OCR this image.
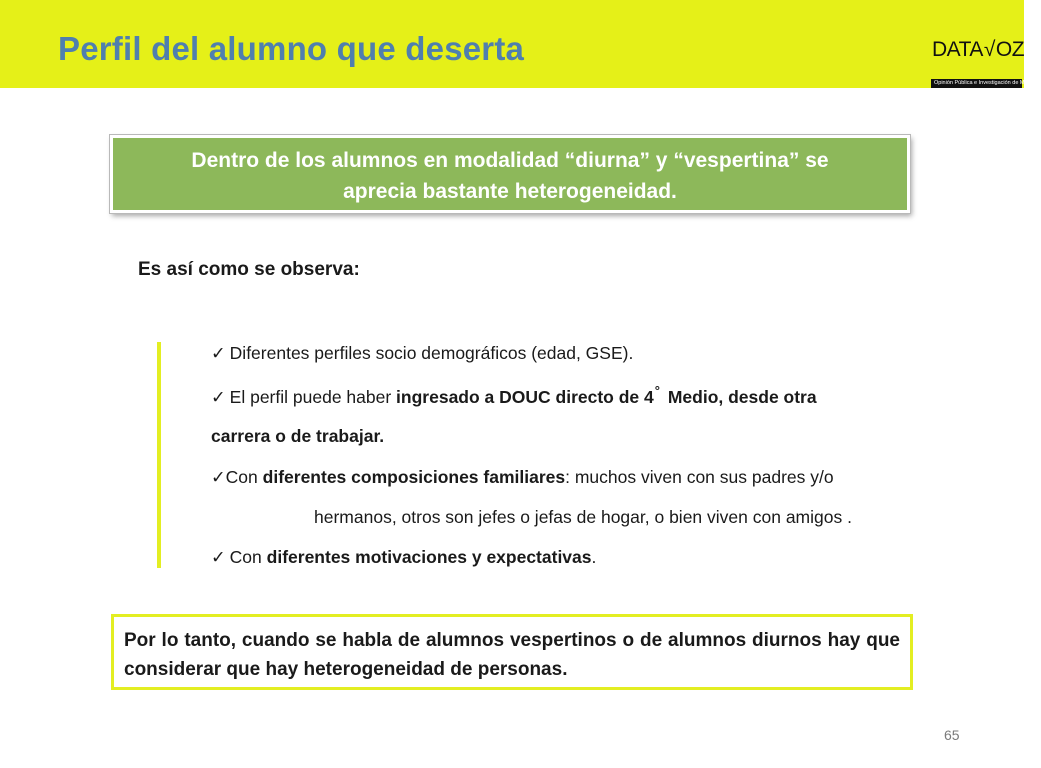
Perfil del alumno que deserta	DATA√OZ
Opinión Pública e Investigación de Mercado
Dentro de los alumnos en modalidad “diurna” y “vespertina” se
aprecia bastante heterogeneidad.
Es así como se observa:
✓ Diferentes perfiles socio demográficos (edad, GSE).
✓ El perfil puede haber ingresado a DOUC directo de 4° Medio, desde otra
carrera o de trabajar.
✓Con diferentes composiciones familiares: muchos viven con sus padres y/o
hermanos, otros son jefes o jefas de hogar, o bien viven con amigos .
✓ Con diferentes motivaciones y expectativas.
Por lo tanto, cuando se habla de alumnos vespertinos o de alumnos diurnos hay que considerar que hay heterogeneidad de personas.
65
